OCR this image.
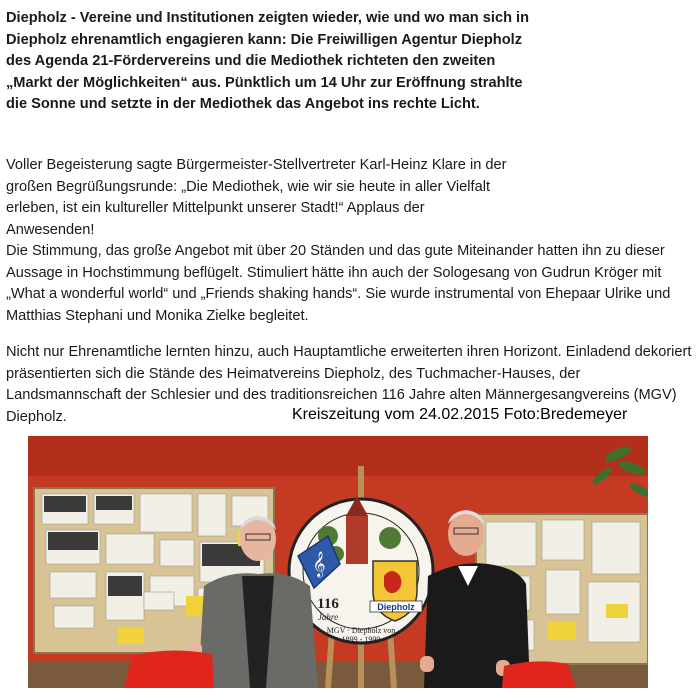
Diepholz - Vereine und Institutionen zeigten wieder, wie und wo man sich in Diepholz ehrenamtlich engagieren kann: Die Freiwilligen Agentur Diepholz des Agenda 21-Fördervereins und die Mediothek richteten den zweiten „Markt der Möglichkeiten“ aus. Pünktlich um 14 Uhr zur Eröffnung strahlte die Sonne und setzte in der Mediothek das Angebot ins rechte Licht.

Voller Begeisterung sagte Bürgermeister-Stellvertreter Karl-Heinz Klare in der großen Begrüßungsrunde: „Die Mediothek, wie wir sie heute in aller Vielfalt erleben, ist ein kultureller Mittelpunkt unserer Stadt!“ Applaus der Anwesenden!

Die Stimmung, das große Angebot mit über 20 Ständen und das gute Miteinander hatten ihn zu dieser Aussage in Hochstimmung beflügelt. Stimuliert hätte ihn auch der Sologesang von Gudrun Kröger mit „What a wonderful world“ und „Friends shaking hands“. Sie wurde instrumental von Ehepaar Ulrike und Matthias Stephani und Monika Zielke begleitet.

Nicht nur Ehrenamtliche lernten hinzu, auch Hauptamtliche erweiterten ihren Horizont. Einladend dekoriert präsentierten sich die Stände des Heimatvereins Diepholz, des Tuchmacher-Hauses, der Landsmannschaft der Schlesier und des traditionsreichen 116 Jahre alten Männergesangvereins (MGV) Diepholz.	Kreiszeitung vom 24.02.2015 Foto:Bredemeyer
𝄞
Diepholz
116
Jahre
MGV · Diepholz von
1899 - 1999
